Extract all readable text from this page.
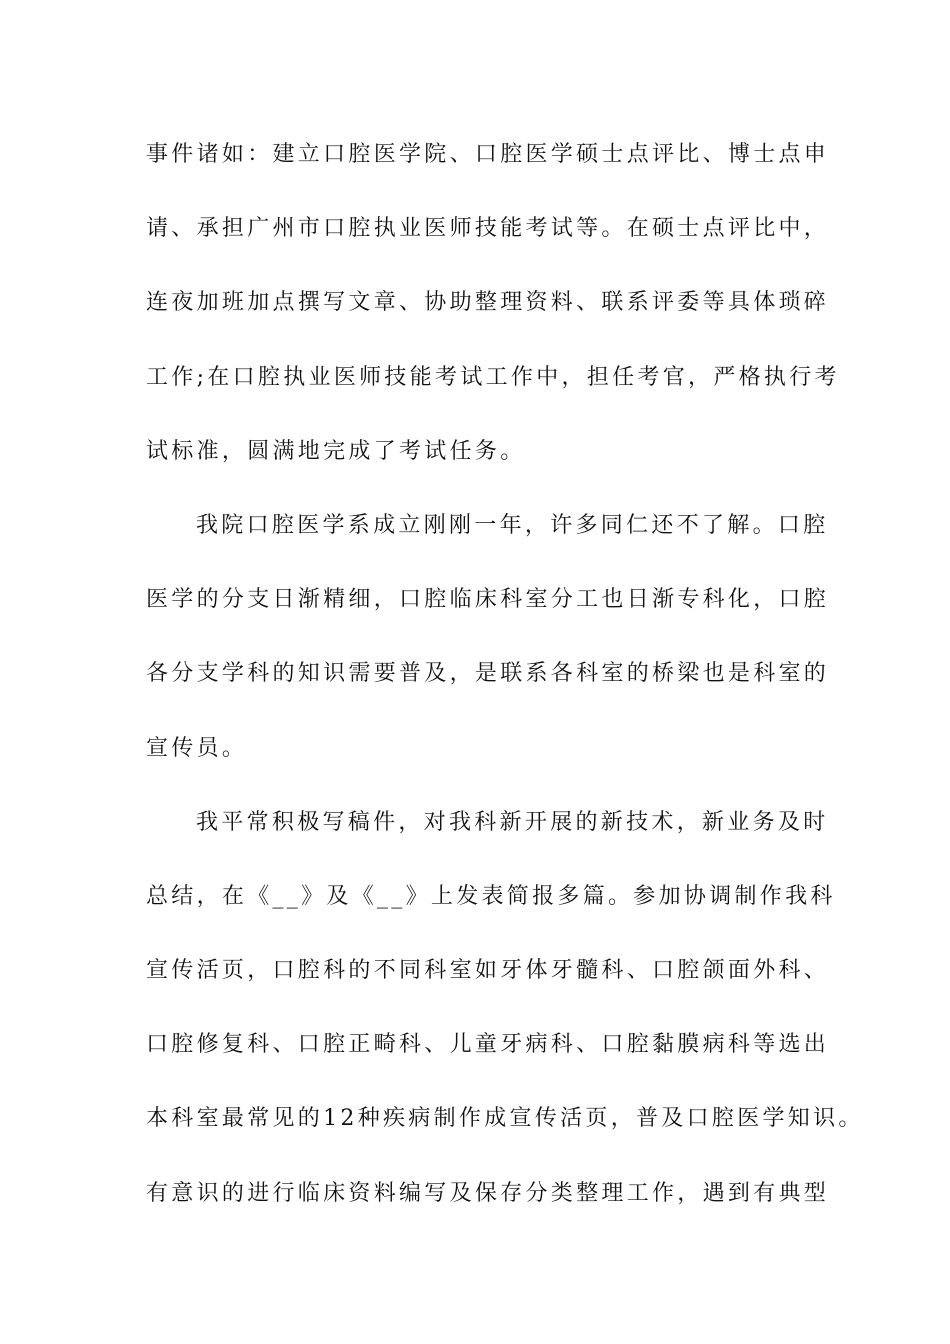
事件诸如：建立口腔医学院、口腔医学硕士点评比、博士点申
请、承担广州市口腔执业医师技能考试等。在硕士点评比中，
连夜加班加点撰写文章、协助整理资料、联系评委等具体琐碎
工作;在口腔执业医师技能考试工作中，担任考官，严格执行考
试标准，圆满地完成了考试任务。
我院口腔医学系成立刚刚一年，许多同仁还不了解。口腔
医学的分支日渐精细，口腔临床科室分工也日渐专科化，口腔
各分支学科的知识需要普及，是联系各科室的桥梁也是科室的
宣传员。
我平常积极写稿件，对我科新开展的新技术，新业务及时
总结，在《__》及《__》上发表简报多篇。参加协调制作我科
宣传活页，口腔科的不同科室如牙体牙髓科、口腔颌面外科、
口腔修复科、口腔正畸科、儿童牙病科、口腔黏膜病科等选出
本科室最常见的12种疾病制作成宣传活页，普及口腔医学知识。
有意识的进行临床资料编写及保存分类整理工作，遇到有典型
